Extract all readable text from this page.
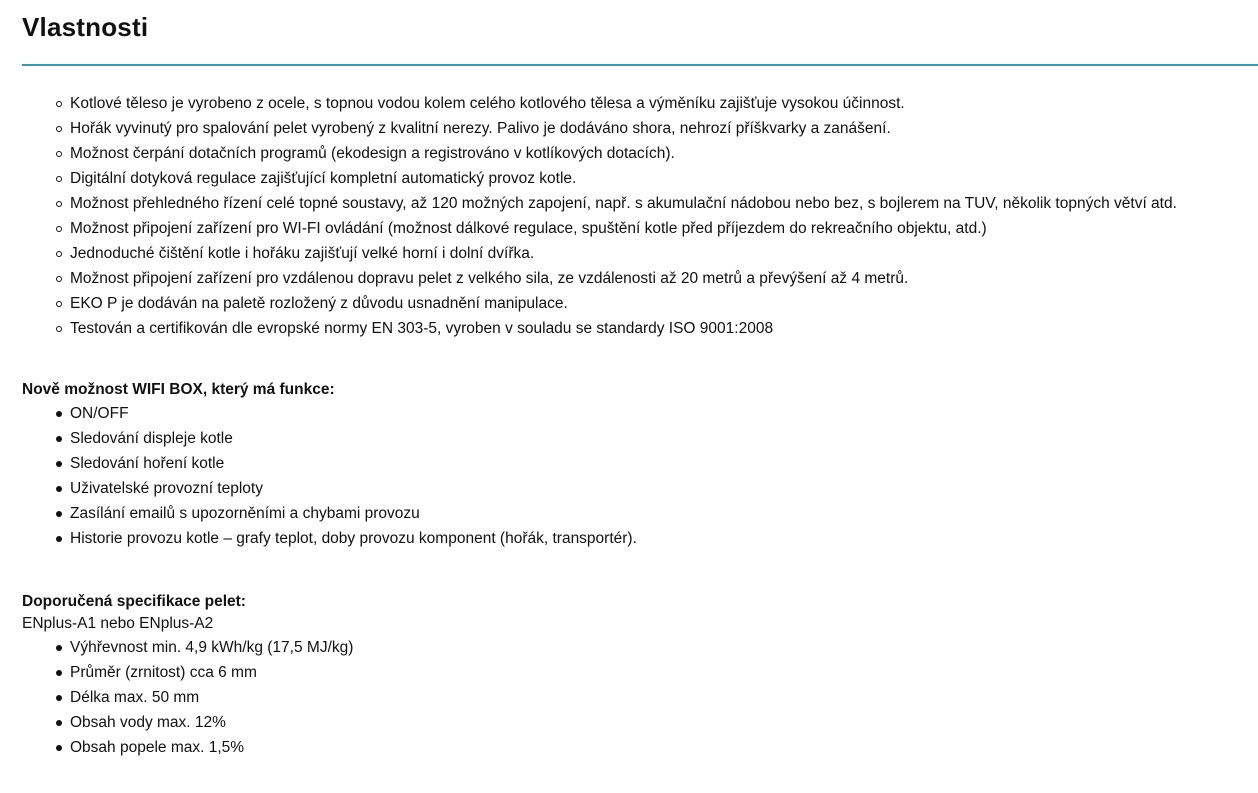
Vlastnosti
Kotlové těleso je vyrobeno z ocele, s topnou vodou kolem celého kotlového tělesa a výměníku zajišťuje vysokou účinnost.
Hořák vyvinutý pro spalování pelet vyrobený z kvalitní nerezy. Palivo je dodáváno shora, nehrozí příškvarky a zanášení.
Možnost čerpání dotačních programů (ekodesign a registrováno v kotlíkových dotacích).
Digitální dotyková regulace zajišťující kompletní automatický provoz kotle.
Možnost přehledného řízení celé topné soustavy, až 120 možných zapojení, např. s akumulační nádobou nebo bez, s bojlerem na TUV, několik topných větví atd.
Možnost připojení zařízení pro WI-FI ovládání (možnost dálkové regulace, spuštění kotle před příjezdem do rekreačního objektu, atd.)
Jednoduché čištění kotle i hořáku zajišťují velké horní i dolní dvířka.
Možnost připojení zařízení pro vzdálenou dopravu pelet z velkého sila, ze vzdálenosti až 20 metrů a převýšení až 4 metrů.
EKO P je dodáván na paletě rozložený z důvodu usnadnění manipulace.
Testován a certifikován dle evropské normy EN 303-5, vyroben v souladu se standardy ISO 9001:2008

Nově možnost WIFI BOX, který má funkce:

ON/OFF
Sledování displeje kotle
Sledování hoření kotle
Uživatelské provozní teploty
Zasílání emailů s upozorněními a chybami provozu
Historie provozu kotle – grafy teplot, doby provozu komponent (hořák, transportér).

Doporučená specifikace pelet:

ENplus-A1 nebo ENplus-A2
Výhřevnost min. 4,9 kWh/kg (17,5 MJ/kg)
Průměr (zrnitost) cca 6 mm
Délka max. 50 mm
Obsah vody max. 12%
Obsah popele max. 1,5%
